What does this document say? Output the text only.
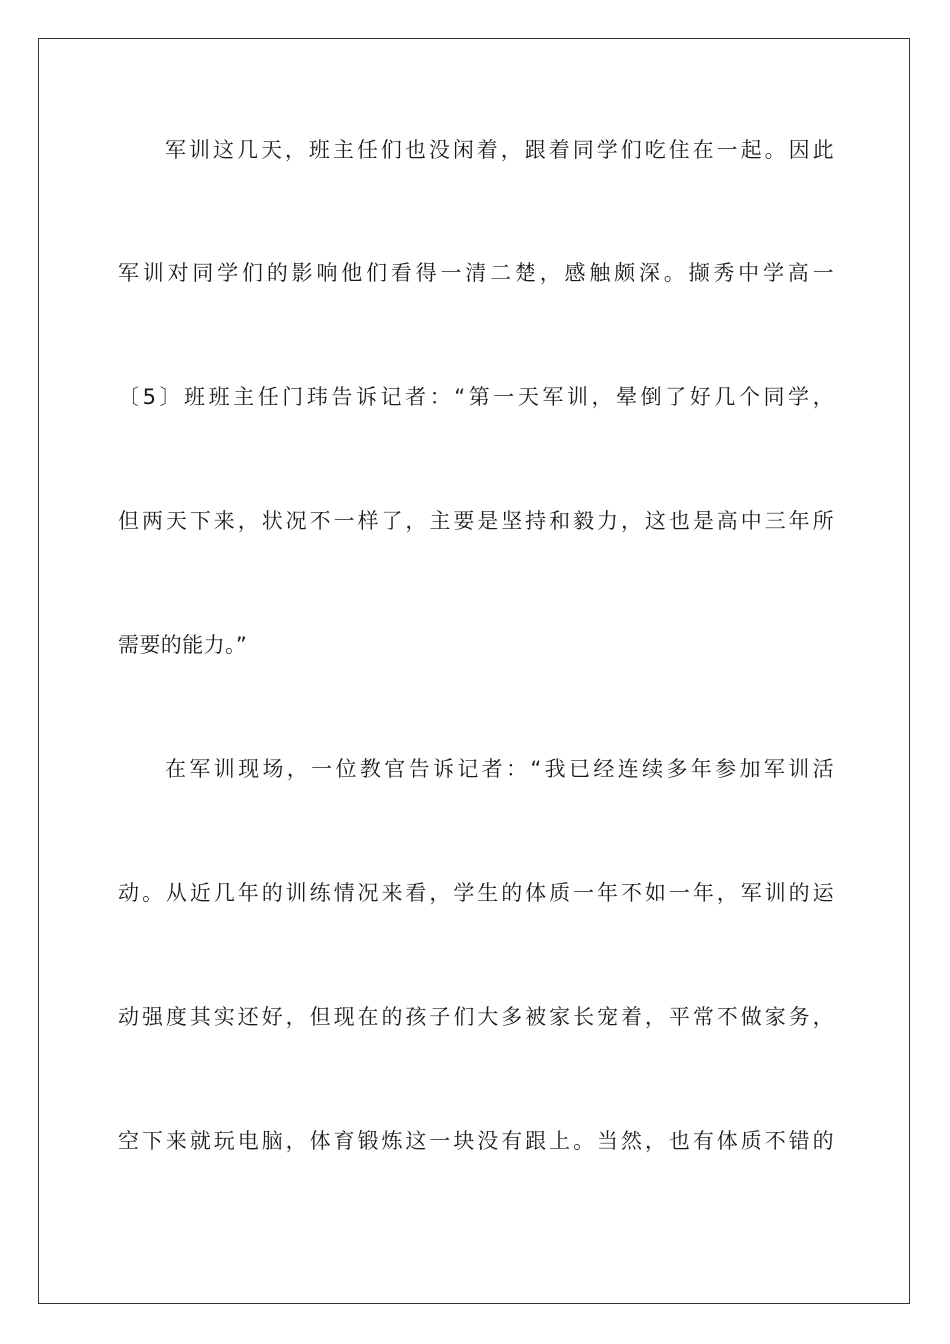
军训这几天，班主任们也没闲着，跟着同学们吃住在一起。因此
军训对同学们的影响他们看得一清二楚，感触颇深。撷秀中学高一
〔5〕班班主任门玮告诉记者：“第一天军训，晕倒了好几个同学，
但两天下来，状况不一样了，主要是坚持和毅力，这也是高中三年所
需要的能力。”
在军训现场，一位教官告诉记者：“我已经连续多年参加军训活
动。从近几年的训练情况来看，学生的体质一年不如一年，军训的运
动强度其实还好，但现在的孩子们大多被家长宠着，平常不做家务，
空下来就玩电脑，体育锻炼这一块没有跟上。当然，也有体质不错的
